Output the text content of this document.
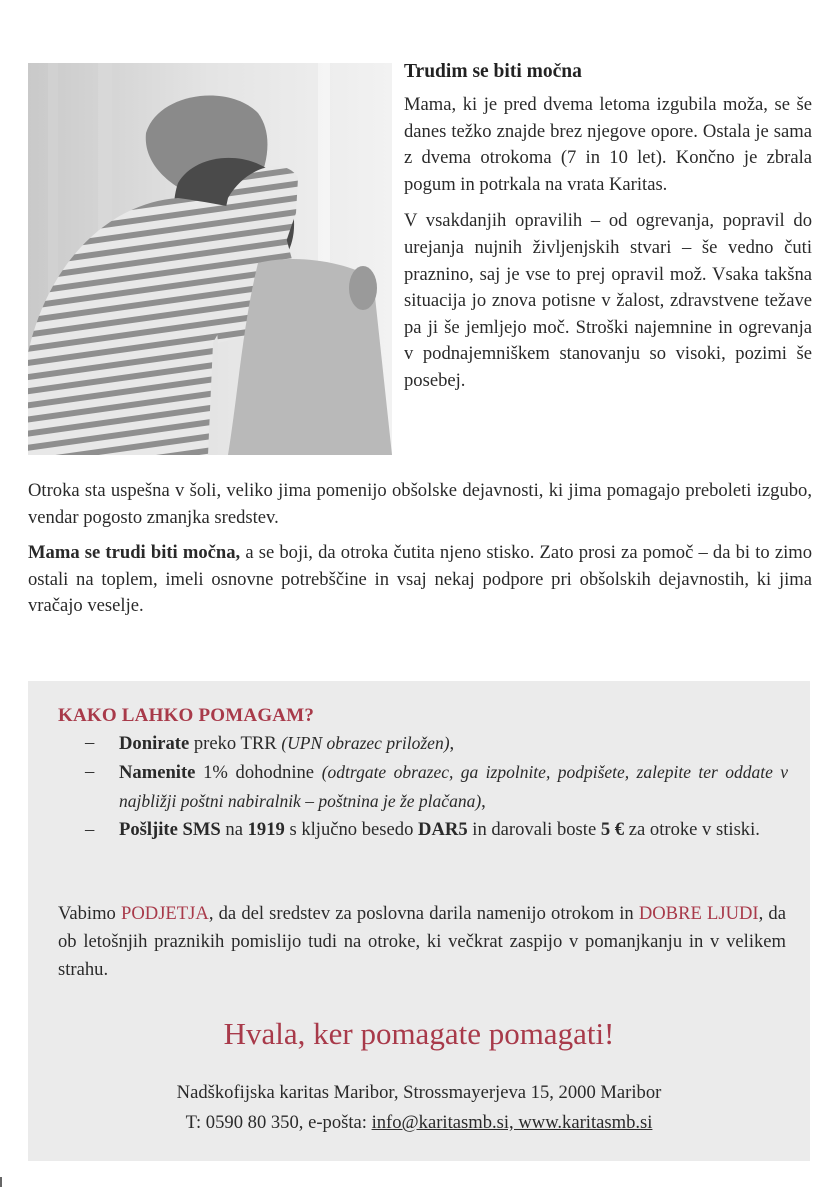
Trudim se biti močna

Mama, ki je pred dvema letoma izgubila moža, se še danes težko znajde brez njegove opore. Ostala je sama z dvema otrokoma (7 in 10 let). Končno je zbrala pogum in potrkala na vrata Karitas.

V vsakdanjih opravilih – od ogrevanja, popravil do urejanja nujnih življenjskih stvari – še vedno čuti praznino, saj je vse to prej opravil mož. Vsaka takšna situacija jo znova potisne v žalost, zdravstvene težave pa ji še jemljejo moč. Stroški najemnine in ogrevanja v podnajemniškem stanovanju so visoki, pozimi še posebej.

Otroka sta uspešna v šoli, veliko jima pomenijo obšolske dejavnosti, ki jima pomagajo preboleti izgubo, vendar pogosto zmanjka sredstev.

Mama se trudi biti močna, a se boji, da otroka čutita njeno stisko. Zato prosi za pomoč – da bi to zimo ostali na toplem, imeli osnovne potrebščine in vsaj nekaj podpore pri obšolskih dejavnostih, ki jima vračajo veselje.

KAKO LAHKO POMAGAM?
– Donirate preko TRR (UPN obrazec priložen),
– Namenite 1% dohodnine (odtrgate obrazec, ga izpolnite, podpišete, zalepite ter oddate v najbližji poštni nabiralnik – poštnina je že plačana),
– Pošljite SMS na 1919 s ključno besedo DAR5 in darovali boste 5 € za otroke v stiski.
Vabimo PODJETJA, da del sredstev za poslovna darila namenijo otrokom in DOBRE LJUDI, da ob letošnjih praznikih pomislijo tudi na otroke, ki večkrat zaspijo v pomanjkanju in v velikem strahu.
Hvala, ker pomagate pomagati!
Nadškofijska karitas Maribor, Strossmayerjeva 15, 2000 Maribor
T: 0590 80 350, e-pošta: info@karitasmb.si, www.karitasmb.si
